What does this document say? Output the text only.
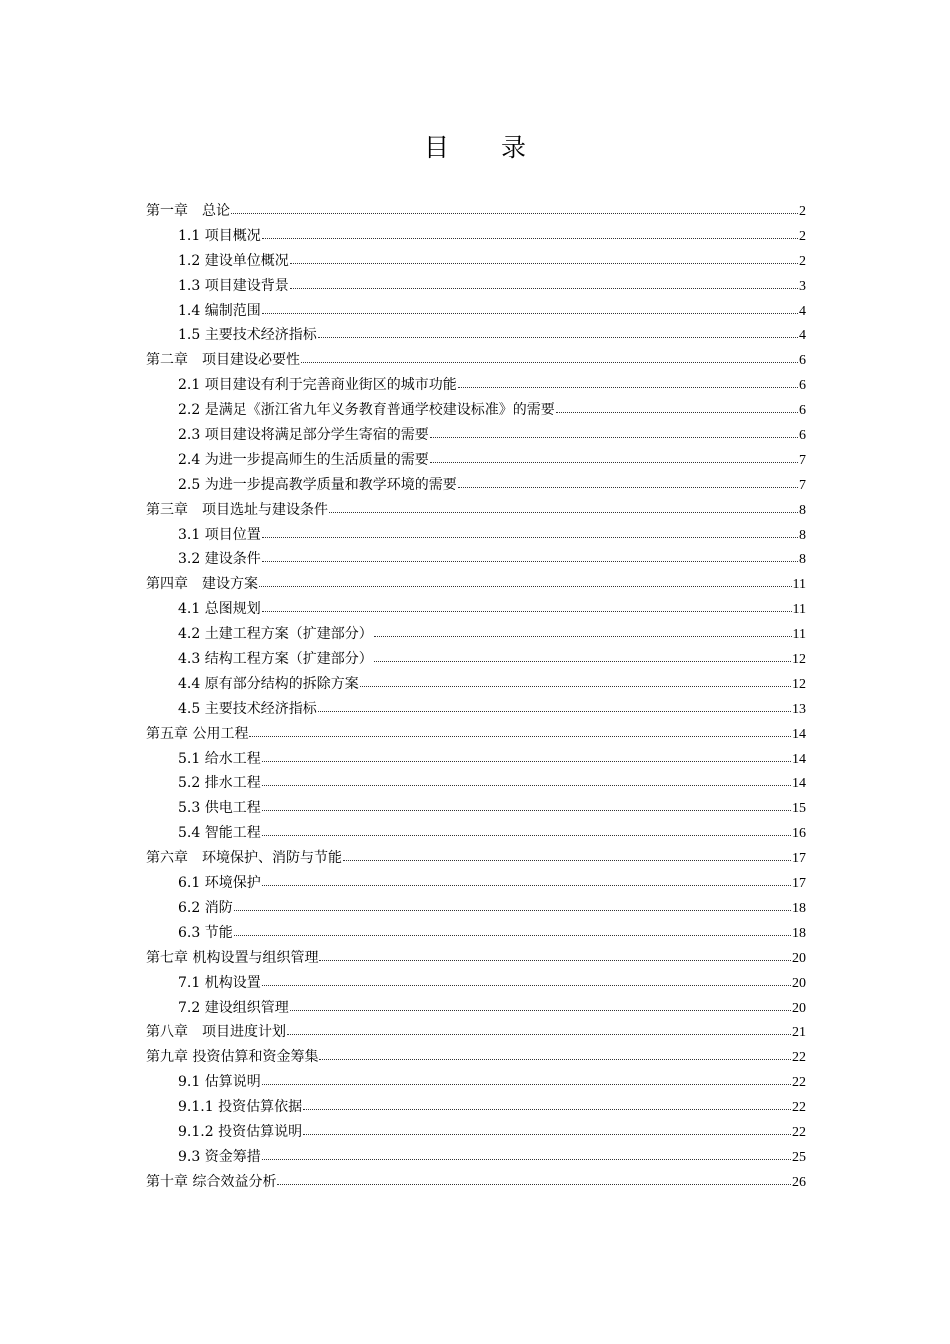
目 录
第一章　总论	2
1.1 项目概况	2
1.2 建设单位概况	2
1.3 项目建设背景	3
1.4 编制范围	4
1.5 主要技术经济指标	4
第二章　项目建设必要性	6
2.1 项目建设有利于完善商业街区的城市功能	6
2.2 是满足《浙江省九年义务教育普通学校建设标准》的需要	6
2.3 项目建设将满足部分学生寄宿的需要	6
2.4 为进一步提高师生的生活质量的需要	7
2.5 为进一步提高教学质量和教学环境的需要	7
第三章　项目选址与建设条件	8
3.1 项目位置	8
3.2 建设条件	8
第四章　建设方案	11
4.1 总图规划	11
4.2 土建工程方案（扩建部分）	11
4.3 结构工程方案（扩建部分）	12
4.4 原有部分结构的拆除方案	12
4.5 主要技术经济指标	13
第五章 公用工程	14
5.1 给水工程	14
5.2 排水工程	14
5.3 供电工程	15
5.4 智能工程	16
第六章　环境保护、消防与节能	17
6.1 环境保护	17
6.2 消防	18
6.3 节能	18
第七章 机构设置与组织管理	20
7.1 机构设置	20
7.2 建设组织管理	20
第八章　项目进度计划	21
第九章 投资估算和资金筹集	22
9.1 估算说明	22
9.1.1 投资估算依据	22
9.1.2 投资估算说明	22
9.3 资金筹措	25
第十章 综合效益分析	26
